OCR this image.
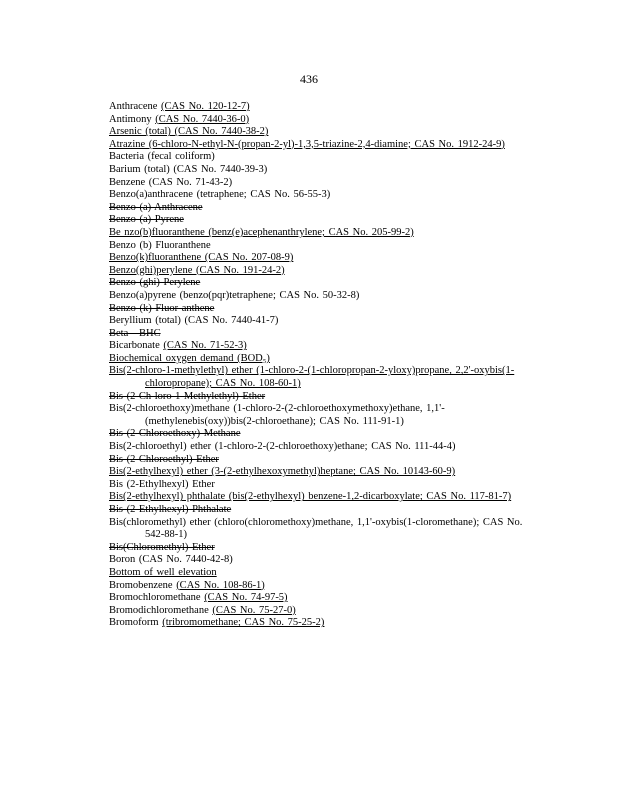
436
Anthracene (CAS No. 120-12-7)
Antimony (CAS No. 7440-36-0)
Arsenic (total) (CAS No. 7440-38-2)
Atrazine (6-chloro-N-ethyl-N-(propan-2-yl)-1,3,5-triazine-2,4-diamine; CAS No. 1912-24-9)
Bacteria (fecal coliform)
Barium (total) (CAS No. 7440-39-3)
Benzene (CAS No. 71-43-2)
Benzo(a)anthracene (tetraphene; CAS No. 56-55-3)
Benzo (a) Anthracene
Benzo (a) Pyrene
Be nzo(b)fluoranthene (benz(e)acephenanthrylene; CAS No. 205-99-2)
Benzo (b) Fluoranthene
Benzo(k)fluoranthene (CAS No. 207-08-9)
Benzo(ghi)perylene (CAS No. 191-24-2)
Benzo (ghi) Perylene
Benzo(a)pyrene (benzo(pqr)tetraphene; CAS No. 50-32-8)
Benzo (k) Fluor anthene
Beryllium (total) (CAS No. 7440-41-7)
Beta - BHC
Bicarbonate (CAS No. 71-52-3)
Biochemical oxygen demand (BOD₅)
Bis(2-chloro-1-methylethyl) ether (1-chloro-2-(1-chloropropan-2-yloxy)propane, 2,2'-oxybis(1-chloropropane); CAS No. 108-60-1)
Bis (2-Ch loro-1-Methylethyl) Ether
Bis(2-chloroethoxy)methane (1-chloro-2-(2-chloroethoxymethoxy)ethane, 1,1'-(methylenebis(oxy))bis(2-chloroethane); CAS No. 111-91-1)
Bis (2-Chloroethoxy) Methane
Bis(2-chloroethyl) ether (1-chloro-2-(2-chloroethoxy)ethane; CAS No. 111-44-4)
Bis (2-Chloroethyl) Ether
Bis(2-ethylhexyl) ether (3-(2-ethylhexoxymethyl)heptane; CAS No. 10143-60-9)
Bis (2-Ethylhexyl) Ether
Bis(2-ethylhexyl) phthalate (bis(2-ethylhexyl) benzene-1,2-dicarboxylate; CAS No. 117-81-7)
Bis (2-Ethylhexyl) Phthalate
Bis(chloromethyl) ether (chloro(chloromethoxy)methane, 1,1'-oxybis(1-cloromethane); CAS No. 542-88-1)
Bis(Chloromethyl) Ether
Boron (CAS No. 7440-42-8)
Bottom of well elevation
Bromobenzene (CAS No. 108-86-1)
Bromochloromethane (CAS No. 74-97-5)
Bromodichloromethane (CAS No. 75-27-0)
Bromoform (tribromomethane; CAS No. 75-25-2)
